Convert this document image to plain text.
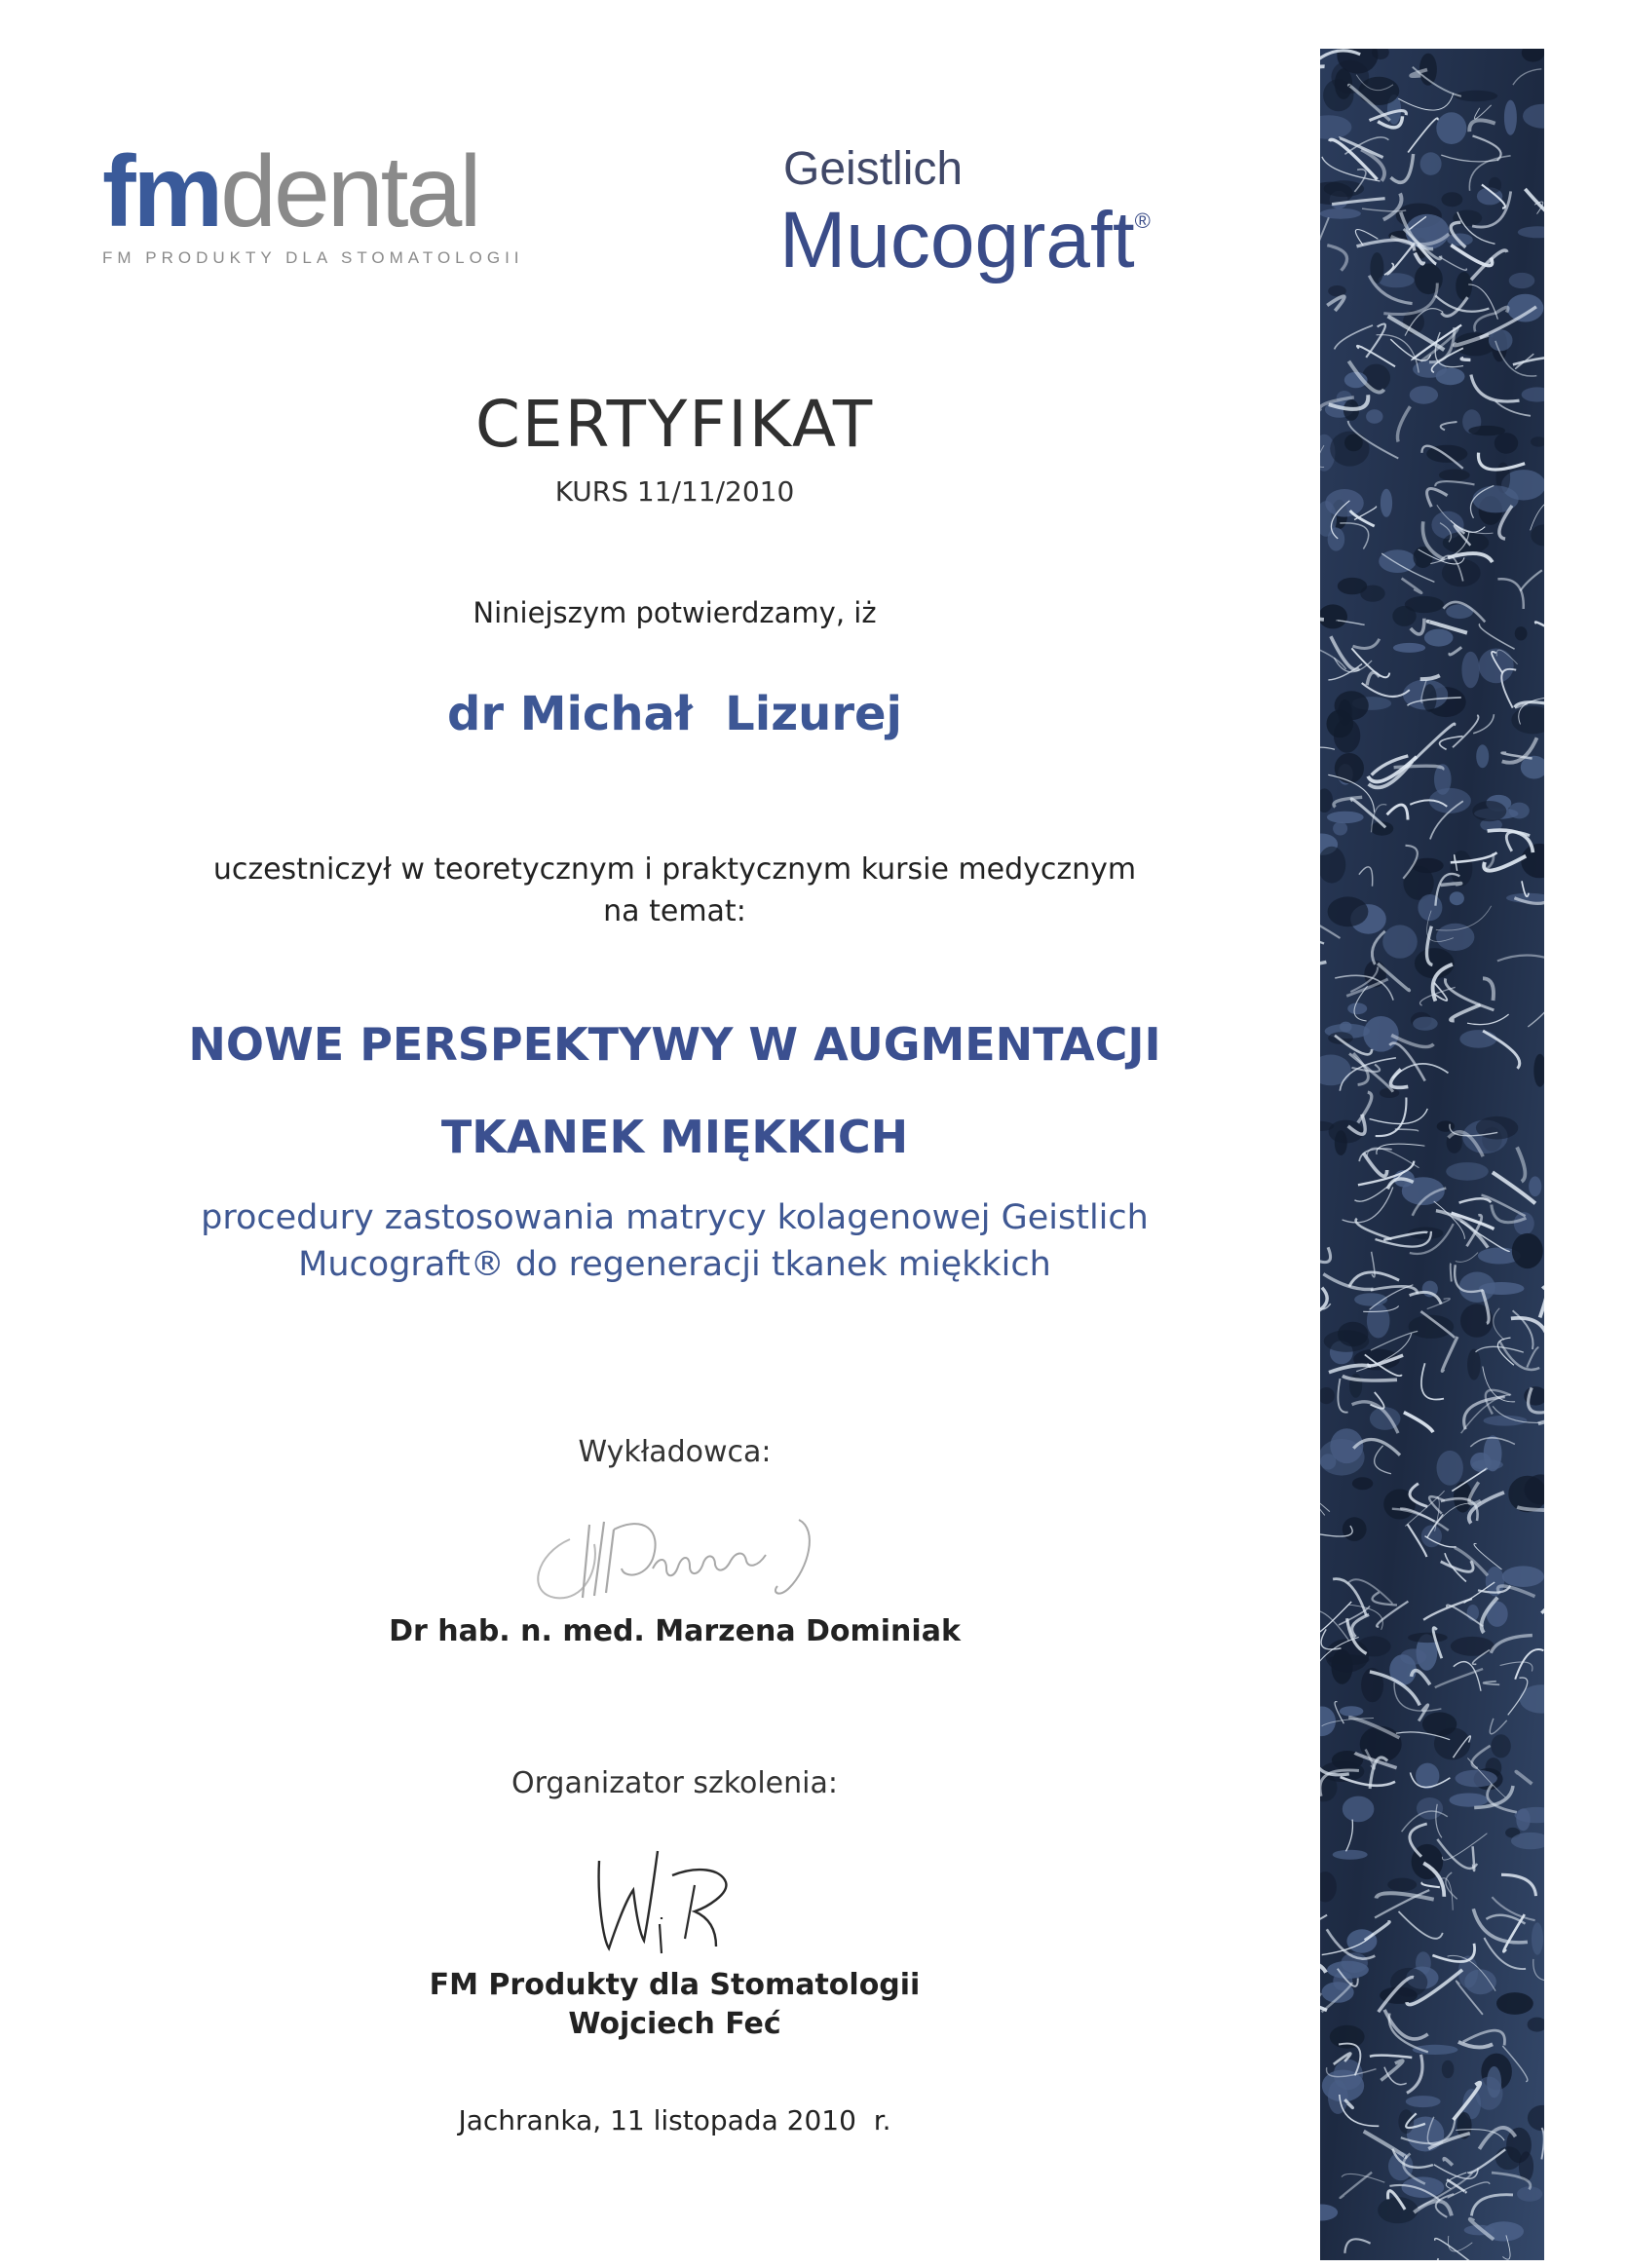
fmdental
FM PRODUKTY DLA STOMATOLOGII
Geistlich
Mucograft®
CERTYFIKAT
KURS 11/11/2010
Niniejszym potwierdzamy, iż
dr Michał  Lizurej
uczestniczył w teoretycznym i praktycznym kursie medycznym
na temat:
NOWE PERSPEKTYWY W AUGMENTACJI
TKANEK MIĘKKICH
procedury zastosowania matrycy kolagenowej Geistlich
Mucograft® do regeneracji tkanek miękkich
Wykładowca:
Dr hab. n. med. Marzena Dominiak
Organizator szkolenia:
FM Produkty dla Stomatologii
Wojciech Feć
Jachranka, 11 listopada 2010  r.
